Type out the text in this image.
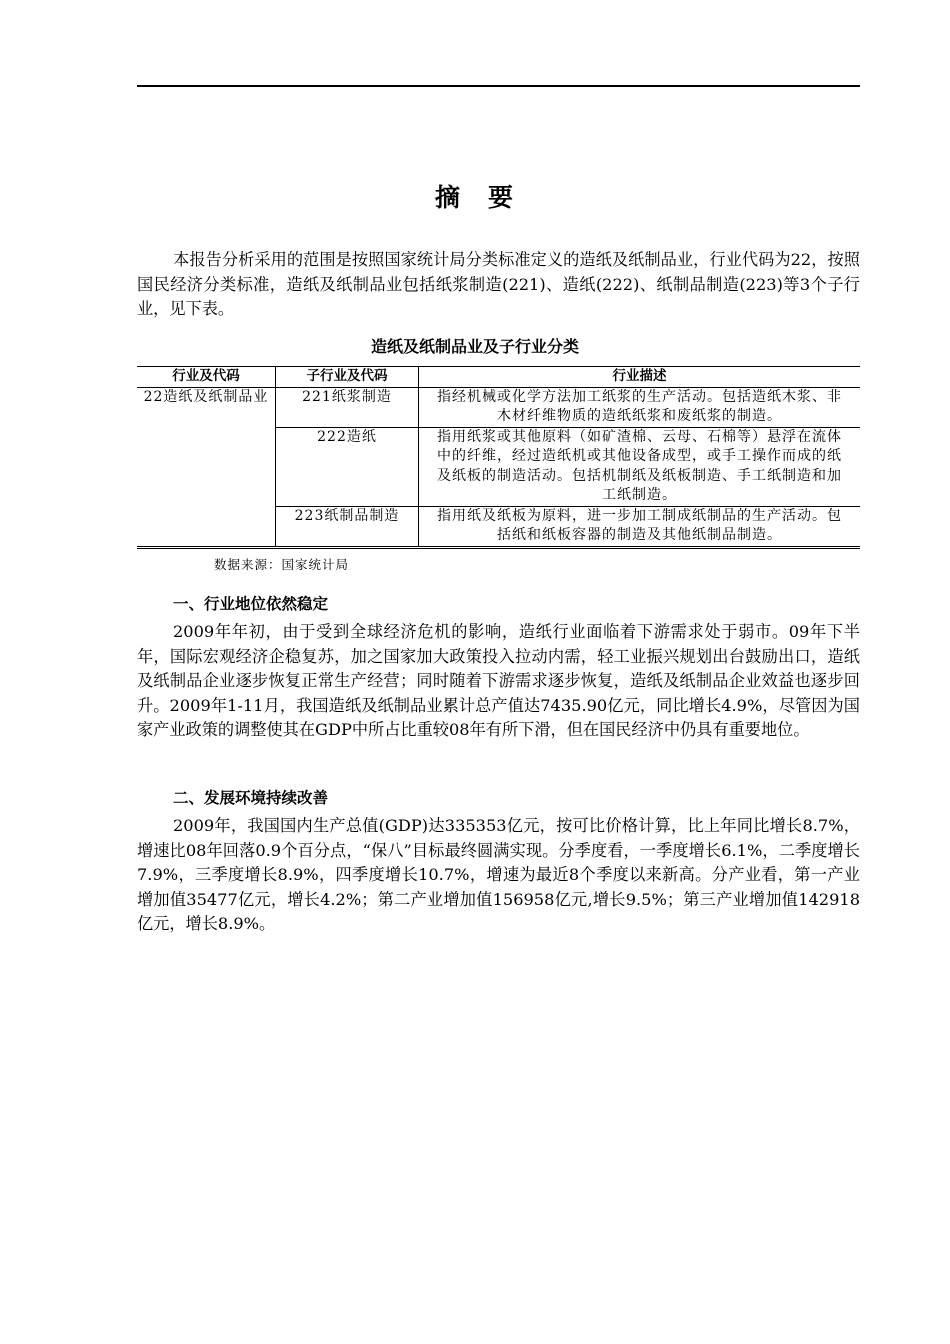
摘 要

本报告分析采用的范围是按照国家统计局分类标准定义的造纸及纸制品业，行业代码为22，按照国民经济分类标准，造纸及纸制品业包括纸浆制造(221)、造纸(222)、纸制品制造(223)等3个子行业，见下表。

造纸及纸制品业及子行业分类
行业及代码	子行业及代码	行业描述
22造纸及纸制品业	221纸浆制造	指经机械或化学方法加工纸浆的生产活动。包括造纸木浆、非木材纤维物质的造纸纸浆和废纸浆的制造。
	222造纸	指用纸浆或其他原料（如矿渣棉、云母、石棉等）悬浮在流体中的纤维，经过造纸机或其他设备成型，或手工操作而成的纸及纸板的制造活动。包括机制纸及纸板制造、手工纸制造和加工纸制造。
	223纸制品制造	指用纸及纸板为原料，进一步加工制成纸制品的生产活动。包括纸和纸板容器的制造及其他纸制品制造。
数据来源：国家统计局
一、行业地位依然稳定

2009年年初，由于受到全球经济危机的影响，造纸行业面临着下游需求处于弱市。09年下半年，国际宏观经济企稳复苏，加之国家加大政策投入拉动内需，轻工业振兴规划出台鼓励出口，造纸及纸制品企业逐步恢复正常生产经营；同时随着下游需求逐步恢复，造纸及纸制品企业效益也逐步回升。2009年1-11月，我国造纸及纸制品业累计总产值达7435.90亿元，同比增长4.9%，尽管因为国家产业政策的调整使其在GDP中所占比重较08年有所下滑，但在国民经济中仍具有重要地位。

二、发展环境持续改善

2009年，我国国内生产总值(GDP)达335353亿元，按可比价格计算，比上年同比增长8.7%，增速比08年回落0.9个百分点，“保八”目标最终圆满实现。分季度看，一季度增长6.1%，二季度增长7.9%，三季度增长8.9%，四季度增长10.7%，增速为最近8个季度以来新高。分产业看，第一产业增加值35477亿元，增长4.2%；第二产业增加值156958亿元,增长9.5%；第三产业增加值142918亿元，增长8.9%。
